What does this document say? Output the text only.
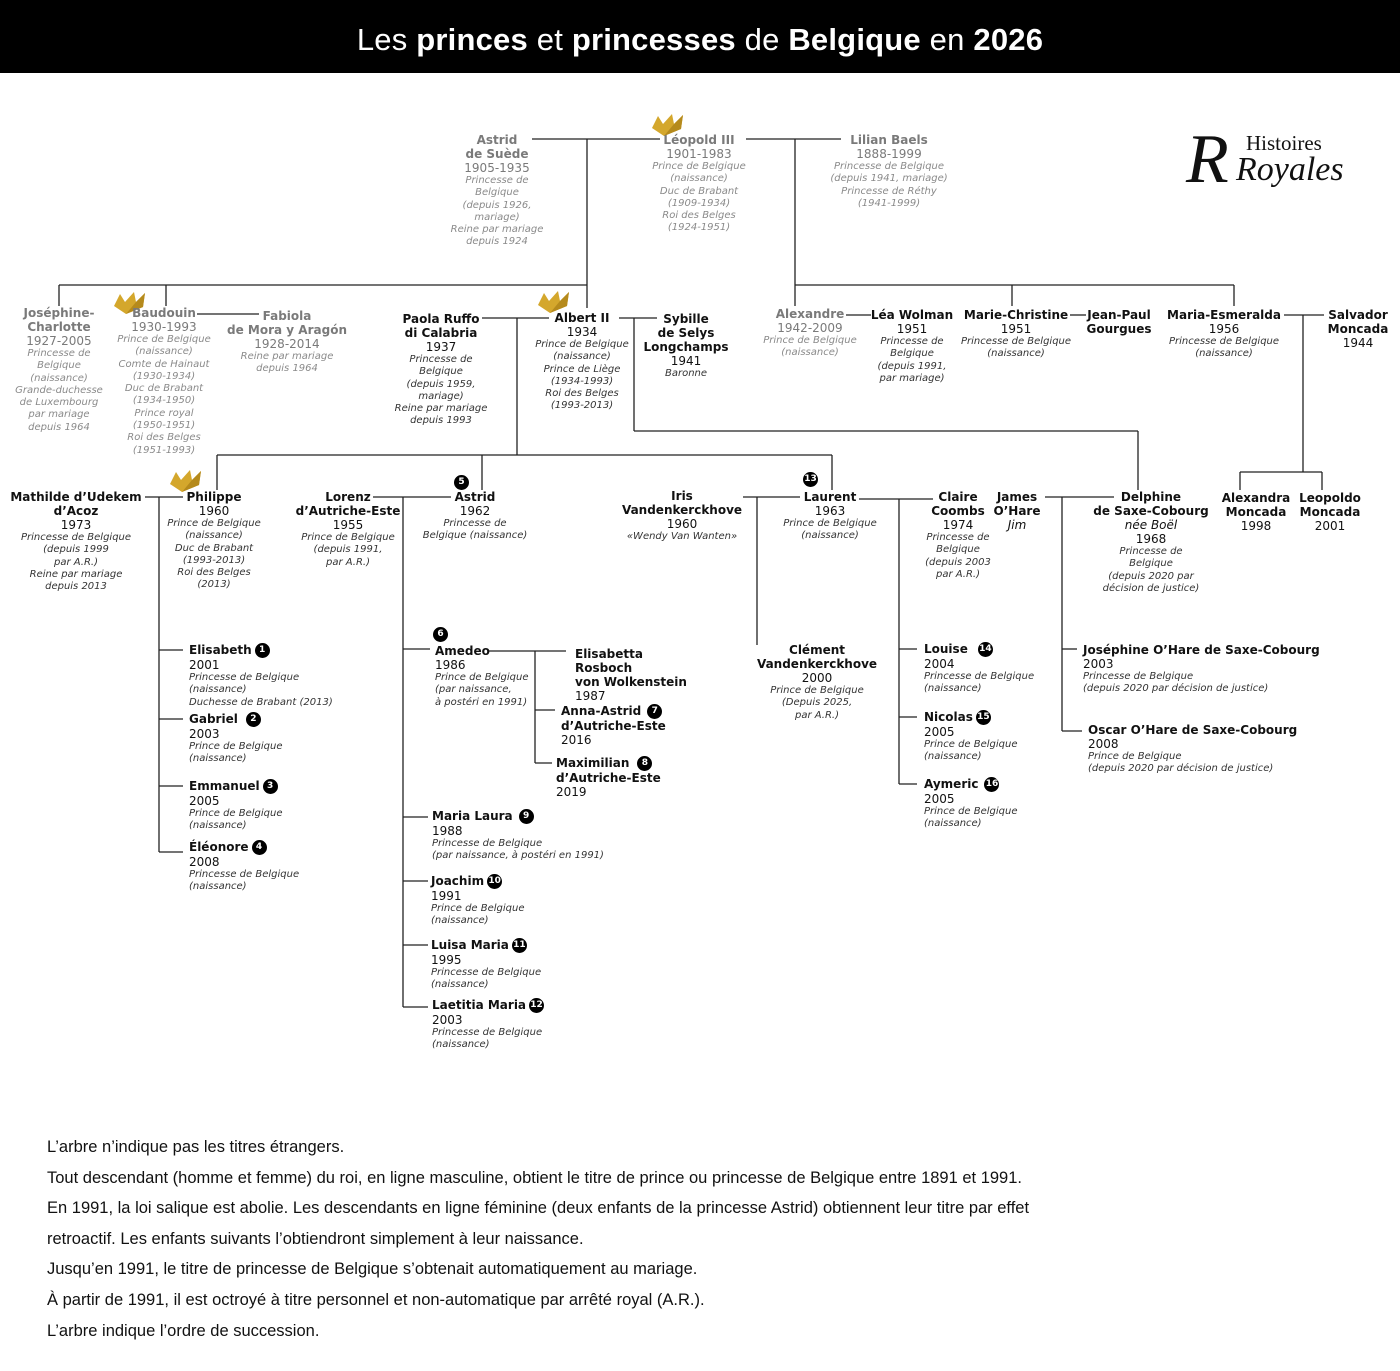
Les princes et princesses de Belgique en 2026
R Histoires
Royales
Astrid
de Suède
1905-1935
Princesse de
Belgique
(depuis 1926,
mariage)
Reine par mariage
depuis 1924
Léopold III
1901-1983
Prince de Belgique
(naissance)
Duc de Brabant
(1909-1934)
Roi des Belges
(1924-1951)
Lilian Baels
1888-1999
Princesse de Belgique
(depuis 1941, mariage)
Princesse de Réthy
(1941-1999)
Joséphine-
Charlotte
1927-2005
Princesse de
Belgique
(naissance)
Grande-duchesse
de Luxembourg
par mariage
depuis 1964
Baudouin
1930-1993
Prince de Belgique
(naissance)
Comte de Hainaut
(1930-1934)
Duc de Brabant
(1934-1950)
Prince royal
(1950-1951)
Roi des Belges
(1951-1993)
Fabiola
de Mora y Aragón
1928-2014
Reine par mariage
depuis 1964
Paola Ruffo
di Calabria
1937
Princesse de
Belgique
(depuis 1959,
mariage)
Reine par mariage
depuis 1993
Albert II
1934
Prince de Belgique
(naissance)
Prince de Liège
(1934-1993)
Roi des Belges
(1993-2013)
Sybille
de Selys
Longchamps
1941
Baronne
Alexandre
1942-2009
Prince de Belgique
(naissance)
Léa Wolman
1951
Princesse de
Belgique
(depuis 1991,
par mariage)
Marie-Christine
1951
Princesse de Belgique
(naissance)
Jean-Paul
Gourgues
Maria-Esmeralda
1956
Princesse de Belgique
(naissance)
Salvador
Moncada
1944
Mathilde d’Udekem
d’Acoz
1973
Princesse de Belgique
(depuis 1999
par A.R.)
Reine par mariage
depuis 2013
Philippe
1960
Prince de Belgique
(naissance)
Duc de Brabant
(1993-2013)
Roi des Belges
(2013)
Lorenz
d’Autriche-Este
1955
Prince de Belgique
(depuis 1991,
par A.R.)
5
Astrid
1962
Princesse de
Belgique (naissance)
Iris
Vandenkerckhove
1960
«Wendy Van Wanten»
13
Laurent
1963
Prince de Belgique
(naissance)
Claire
Coombs
1974
Princesse de
Belgique
(depuis 2003
par A.R.)
James
O’Hare
Jim
Delphine
de Saxe-Cobourg
née Boël
1968
Princesse de
Belgique
(depuis 2020 par
décision de justice)
Alexandra
Moncada
1998
Leopoldo
Moncada
2001
Elisabeth 1
2001
Princesse de Belgique
(naissance)
Duchesse de Brabant (2013)
Gabriel 2
2003
Prince de Belgique
(naissance)
Emmanuel 3
2005
Prince de Belgique
(naissance)
Éléonore 4
2008
Princesse de Belgique
(naissance)
6
Amedeo
1986
Prince de Belgique
(par naissance,
à postéri en 1991)
Elisabetta
Rosboch
von Wolkenstein
1987
Anna-Astrid 7
d’Autriche-Este
2016
Maximilian 8
d’Autriche-Este
2019
Maria Laura 9
1988
Princesse de Belgique
(par naissance, à postéri en 1991)
Joachim 10
1991
Prince de Belgique
(naissance)
Luisa Maria 11
1995
Princesse de Belgique
(naissance)
Laetitia Maria 12
2003
Princesse de Belgique
(naissance)
Clément
Vandenkerckhove
2000
Prince de Belgique
(Depuis 2025,
par A.R.)
Louise 14
2004
Princesse de Belgique
(naissance)
Nicolas 15
2005
Prince de Belgique
(naissance)
Aymeric 16
2005
Prince de Belgique
(naissance)
Joséphine O’Hare de Saxe-Cobourg
2003
Princesse de Belgique
(depuis 2020 par décision de justice)
Oscar O’Hare de Saxe-Cobourg
2008
Prince de Belgique
(depuis 2020 par décision de justice)
L’arbre n’indique pas les titres étrangers.
Tout descendant (homme et femme) du roi, en ligne masculine, obtient le titre de prince ou princesse de Belgique entre 1891 et 1991.
En 1991, la loi salique est abolie. Les descendants en ligne féminine (deux enfants de la princesse Astrid) obtiennent leur titre par effet
retroactif. Les enfants suivants l’obtiendront simplement à leur naissance.
Jusqu’en 1991, le titre de princesse de Belgique s’obtenait automatiquement au mariage.
À partir de 1991, il est octroyé à titre personnel et non-automatique par arrêté royal (A.R.).
L’arbre indique l’ordre de succession.
